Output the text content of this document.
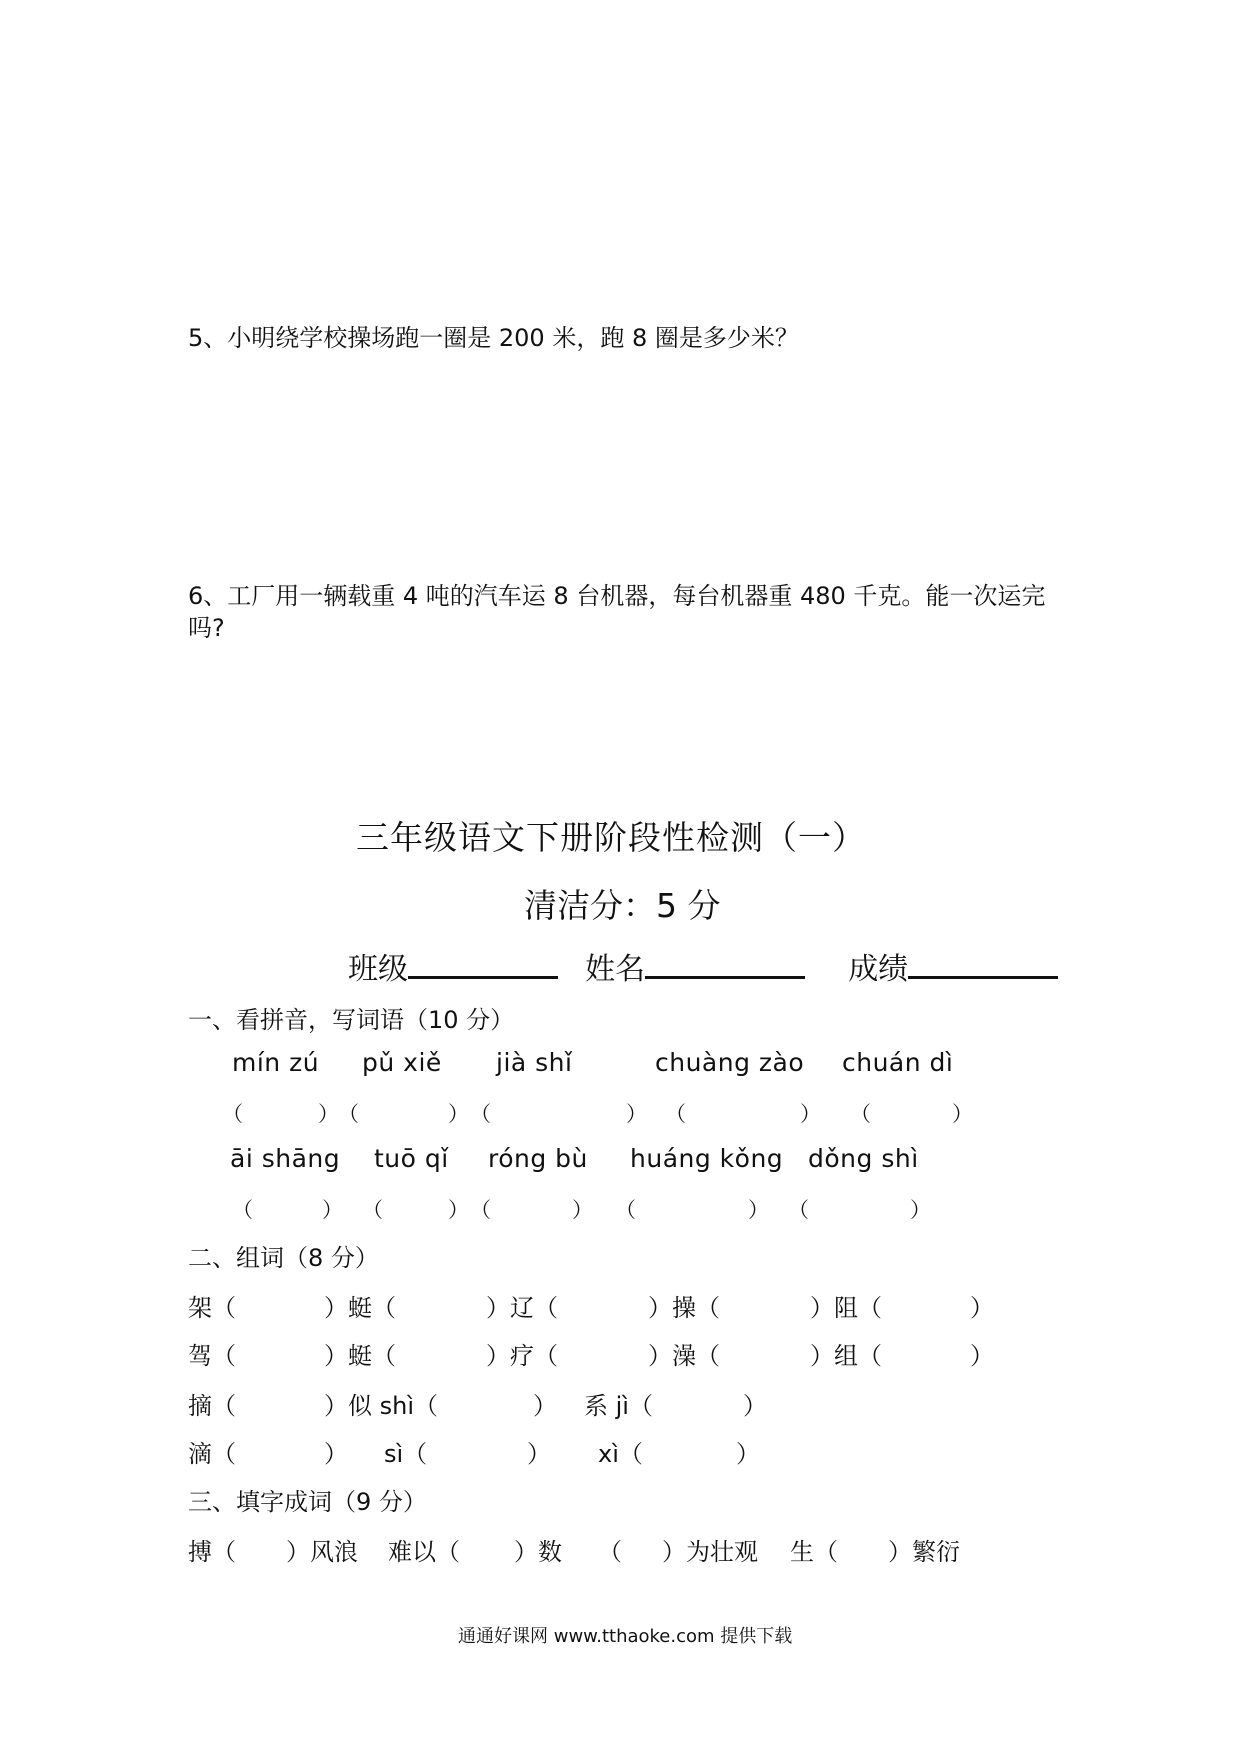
5、小明绕学校操场跑一圈是 200 米，跑 8 圈是多少米？
6、工厂用一辆载重 4 吨的汽车运 8 台机器，每台机器重 480 千克。能一次运完
吗?
三年级语文下册阶段性检测（一）
清洁分：5 分
班级	姓名	成绩
一、看拼音，写词语（10 分）
mín zú pǔ xiě jià shǐ	chuàng zào chuán dì
（	） （	） （	） （	） （	）
āi shāng tuō qǐ róng bù huáng kǒng dǒng shì
（	） （	） （	） （	） （	）
二、组词（8 分）
架（	）蜓（	）辽（	）操（	）阻（	）
驾（	）蜓（	）疗（	）澡（	）组（	）
摘（	）似 shì（	） 系 jì（	）
滴（	） sì（	） xì（	）
三、填字成词（9 分）
搏（ ）风浪 难以（ ）数 （ ）为壮观 生（ ）繁衍
通通好课网 www.tthaoke.com 提供下载
